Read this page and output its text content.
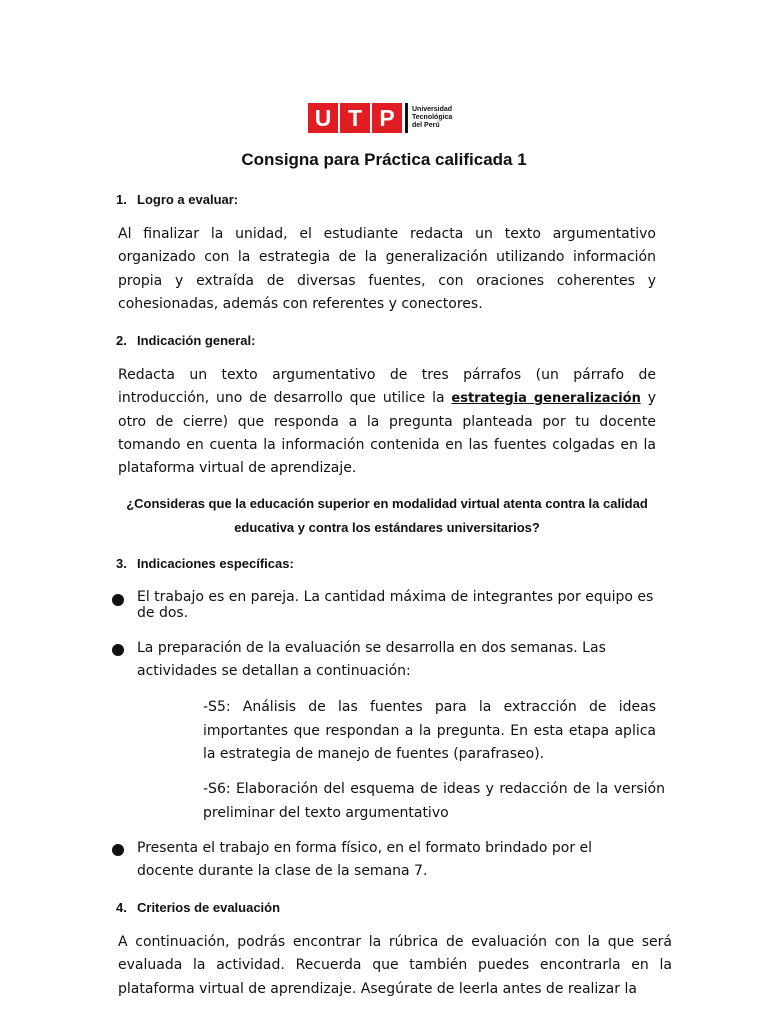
U T P	Universidad
Tecnológica
del Perú
Consigna para Práctica calificada 1
1. Logro a evaluar:
Al finalizar la unidad, el estudiante redacta un texto argumentativo organizado con la estrategia de la generalización utilizando información propia y extraída de diversas fuentes, con oraciones coherentes y cohesionadas, además con referentes y conectores.
2. Indicación general:
Redacta un texto argumentativo de tres párrafos (un párrafo de introducción, uno de desarrollo que utilice la estrategia generalización y otro de cierre) que responda a la pregunta planteada por tu docente tomando en cuenta la información contenida en las fuentes colgadas en la plataforma virtual de aprendizaje.
¿Consideras que la educación superior en modalidad virtual atenta contra la calidad educativa y contra los estándares universitarios?
3. Indicaciones específicas:
El trabajo es en pareja. La cantidad máxima de integrantes por equipo es de dos.
La preparación de la evaluación se desarrolla en dos semanas. Las actividades se detallan a continuación:
-S5: Análisis de las fuentes para la extracción de ideas importantes que respondan a la pregunta. En esta etapa aplica la estrategia de manejo de fuentes (parafraseo).
-S6: Elaboración del esquema de ideas y redacción de la versión preliminar del texto argumentativo
Presenta el trabajo en forma físico, en el formato brindado por el docente durante la clase de la semana 7.
4. Criterios de evaluación
A continuación, podrás encontrar la rúbrica de evaluación con la que será evaluada la actividad. Recuerda que también puedes encontrarla en la plataforma virtual de aprendizaje. Asegúrate de leerla antes de realizar la
